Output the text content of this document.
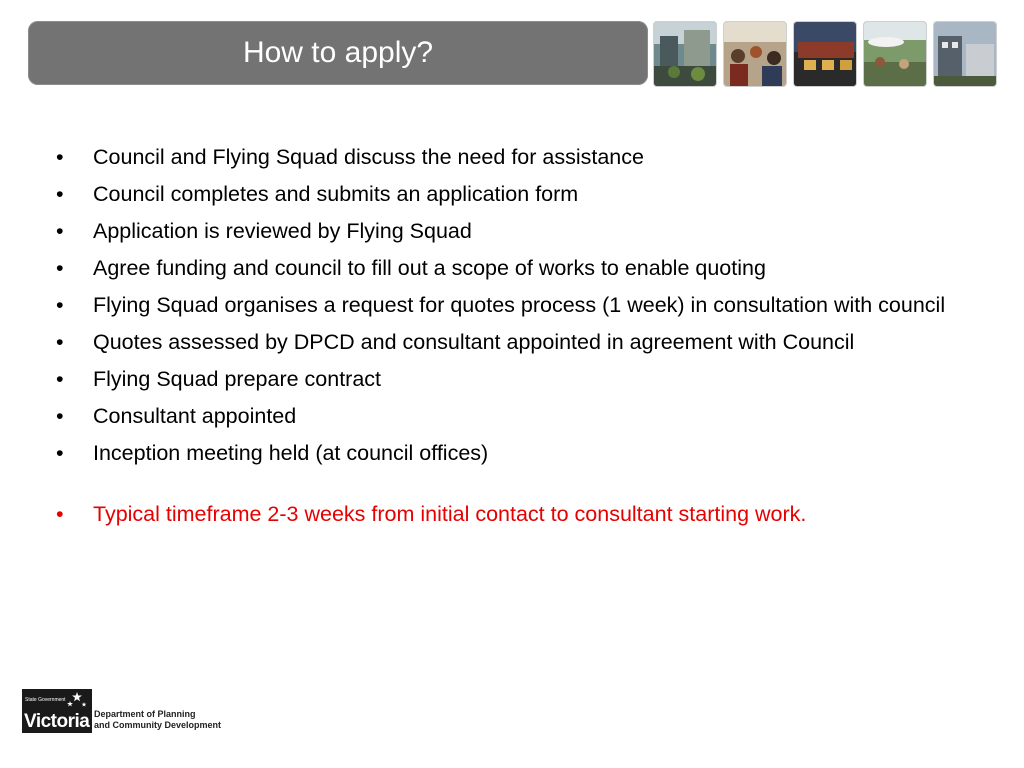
How to apply?
• Council and Flying Squad discuss the need for assistance
• Council completes and submits an application form
• Application is reviewed by Flying Squad
• Agree funding and council to fill out a scope of works to enable quoting
• Flying Squad organises a request for quotes process (1 week) in consultation with council
• Quotes assessed by DPCD and consultant appointed in agreement with Council
• Flying Squad prepare contract
• Consultant appointed
• Inception meeting held (at council offices)
• Typical timeframe 2-3 weeks from initial contact to consultant starting work.
State Government
Victoria Department of Planning
and Community Development
